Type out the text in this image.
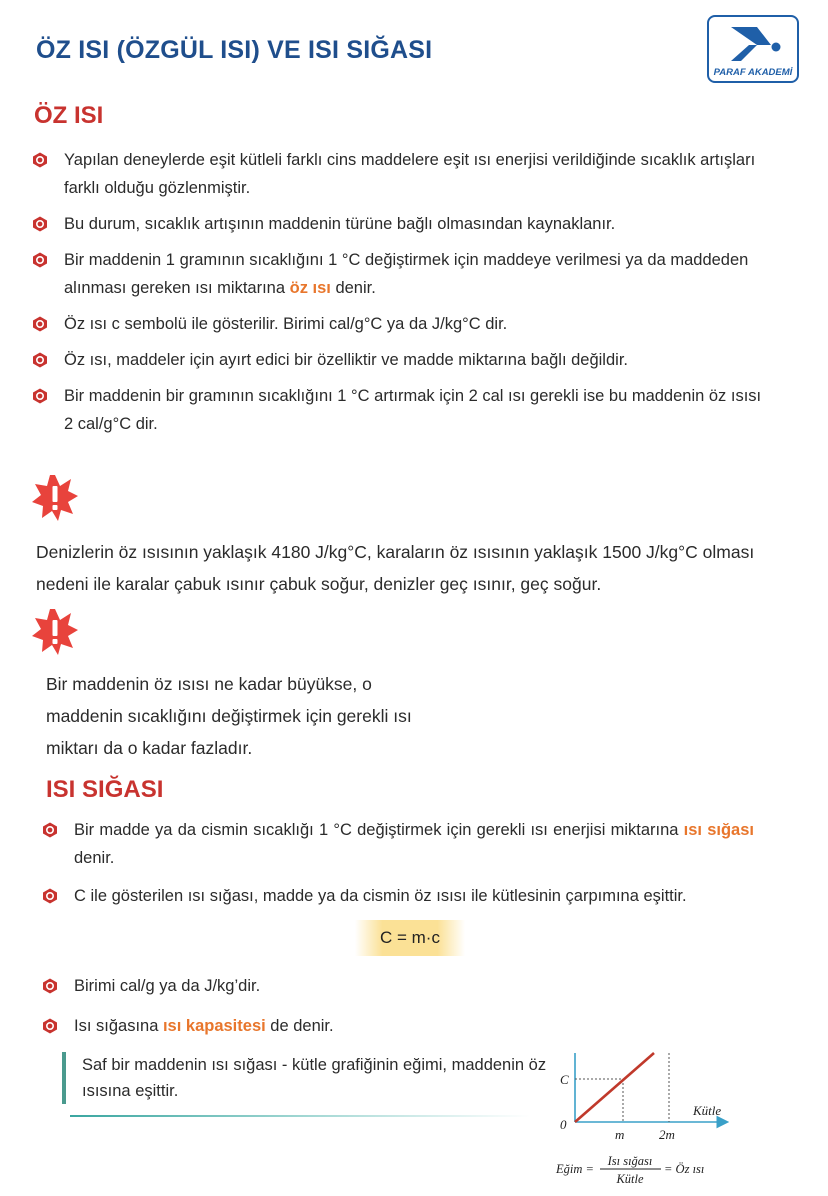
ÖZ ISI (ÖZGÜL ISI) VE ISI SIĞASI
PARAF AKADEMİ
ÖZ ISI
Yapılan deneylerde eşit kütleli farklı cins maddelere eşit ısı enerjisi verildiğinde sıcaklık artışları farklı olduğu gözlenmiştir.
Bu durum, sıcaklık artışının maddenin türüne bağlı olmasından kaynaklanır.
Bir maddenin 1 gramının sıcaklığını 1 °C değiştirmek için maddeye verilmesi ya da maddeden alınması gereken ısı miktarına öz ısı denir.
Öz ısı c sembolü ile gösterilir. Birimi cal/g°C ya da J/kg°C dir.
Öz ısı, maddeler için ayırt edici bir özelliktir ve madde miktarına bağlı değildir.
Bir maddenin bir gramının sıcaklığını 1 °C artırmak için 2 cal ısı gerekli ise bu maddenin öz ısısı 2 cal/g°C dir.

Denizlerin öz ısısının yaklaşık 4180 J/kg°C, karaların öz ısısının yaklaşık 1500 J/kg°C olması nedeni ile karalar çabuk ısınır çabuk soğur, denizler geç ısınır, geç soğur.

Bir maddenin öz ısısı ne kadar büyükse, o maddenin sıcaklığını değiştirmek için gerekli ısı miktarı da o kadar fazladır.

ISI SIĞASI
Bir madde ya da cismin sıcaklığı 1 °C değiştirmek için gerekli ısı enerjisi miktarına ısı sığası denir.
C ile gösterilen ısı sığası, madde ya da cismin öz ısısı ile kütlesinin çarpımına eşittir.
C = m·c
Birimi cal/g ya da J/kg’dir.
Isı sığasına ısı kapasitesi de denir.
Saf bir maddenin ısı sığası - kütle grafiğinin eğimi, maddenin öz ısısına eşittir.
C
0
Kütle
m	2m
Eğim =
Isı sığası
Kütle
= Öz ısı
